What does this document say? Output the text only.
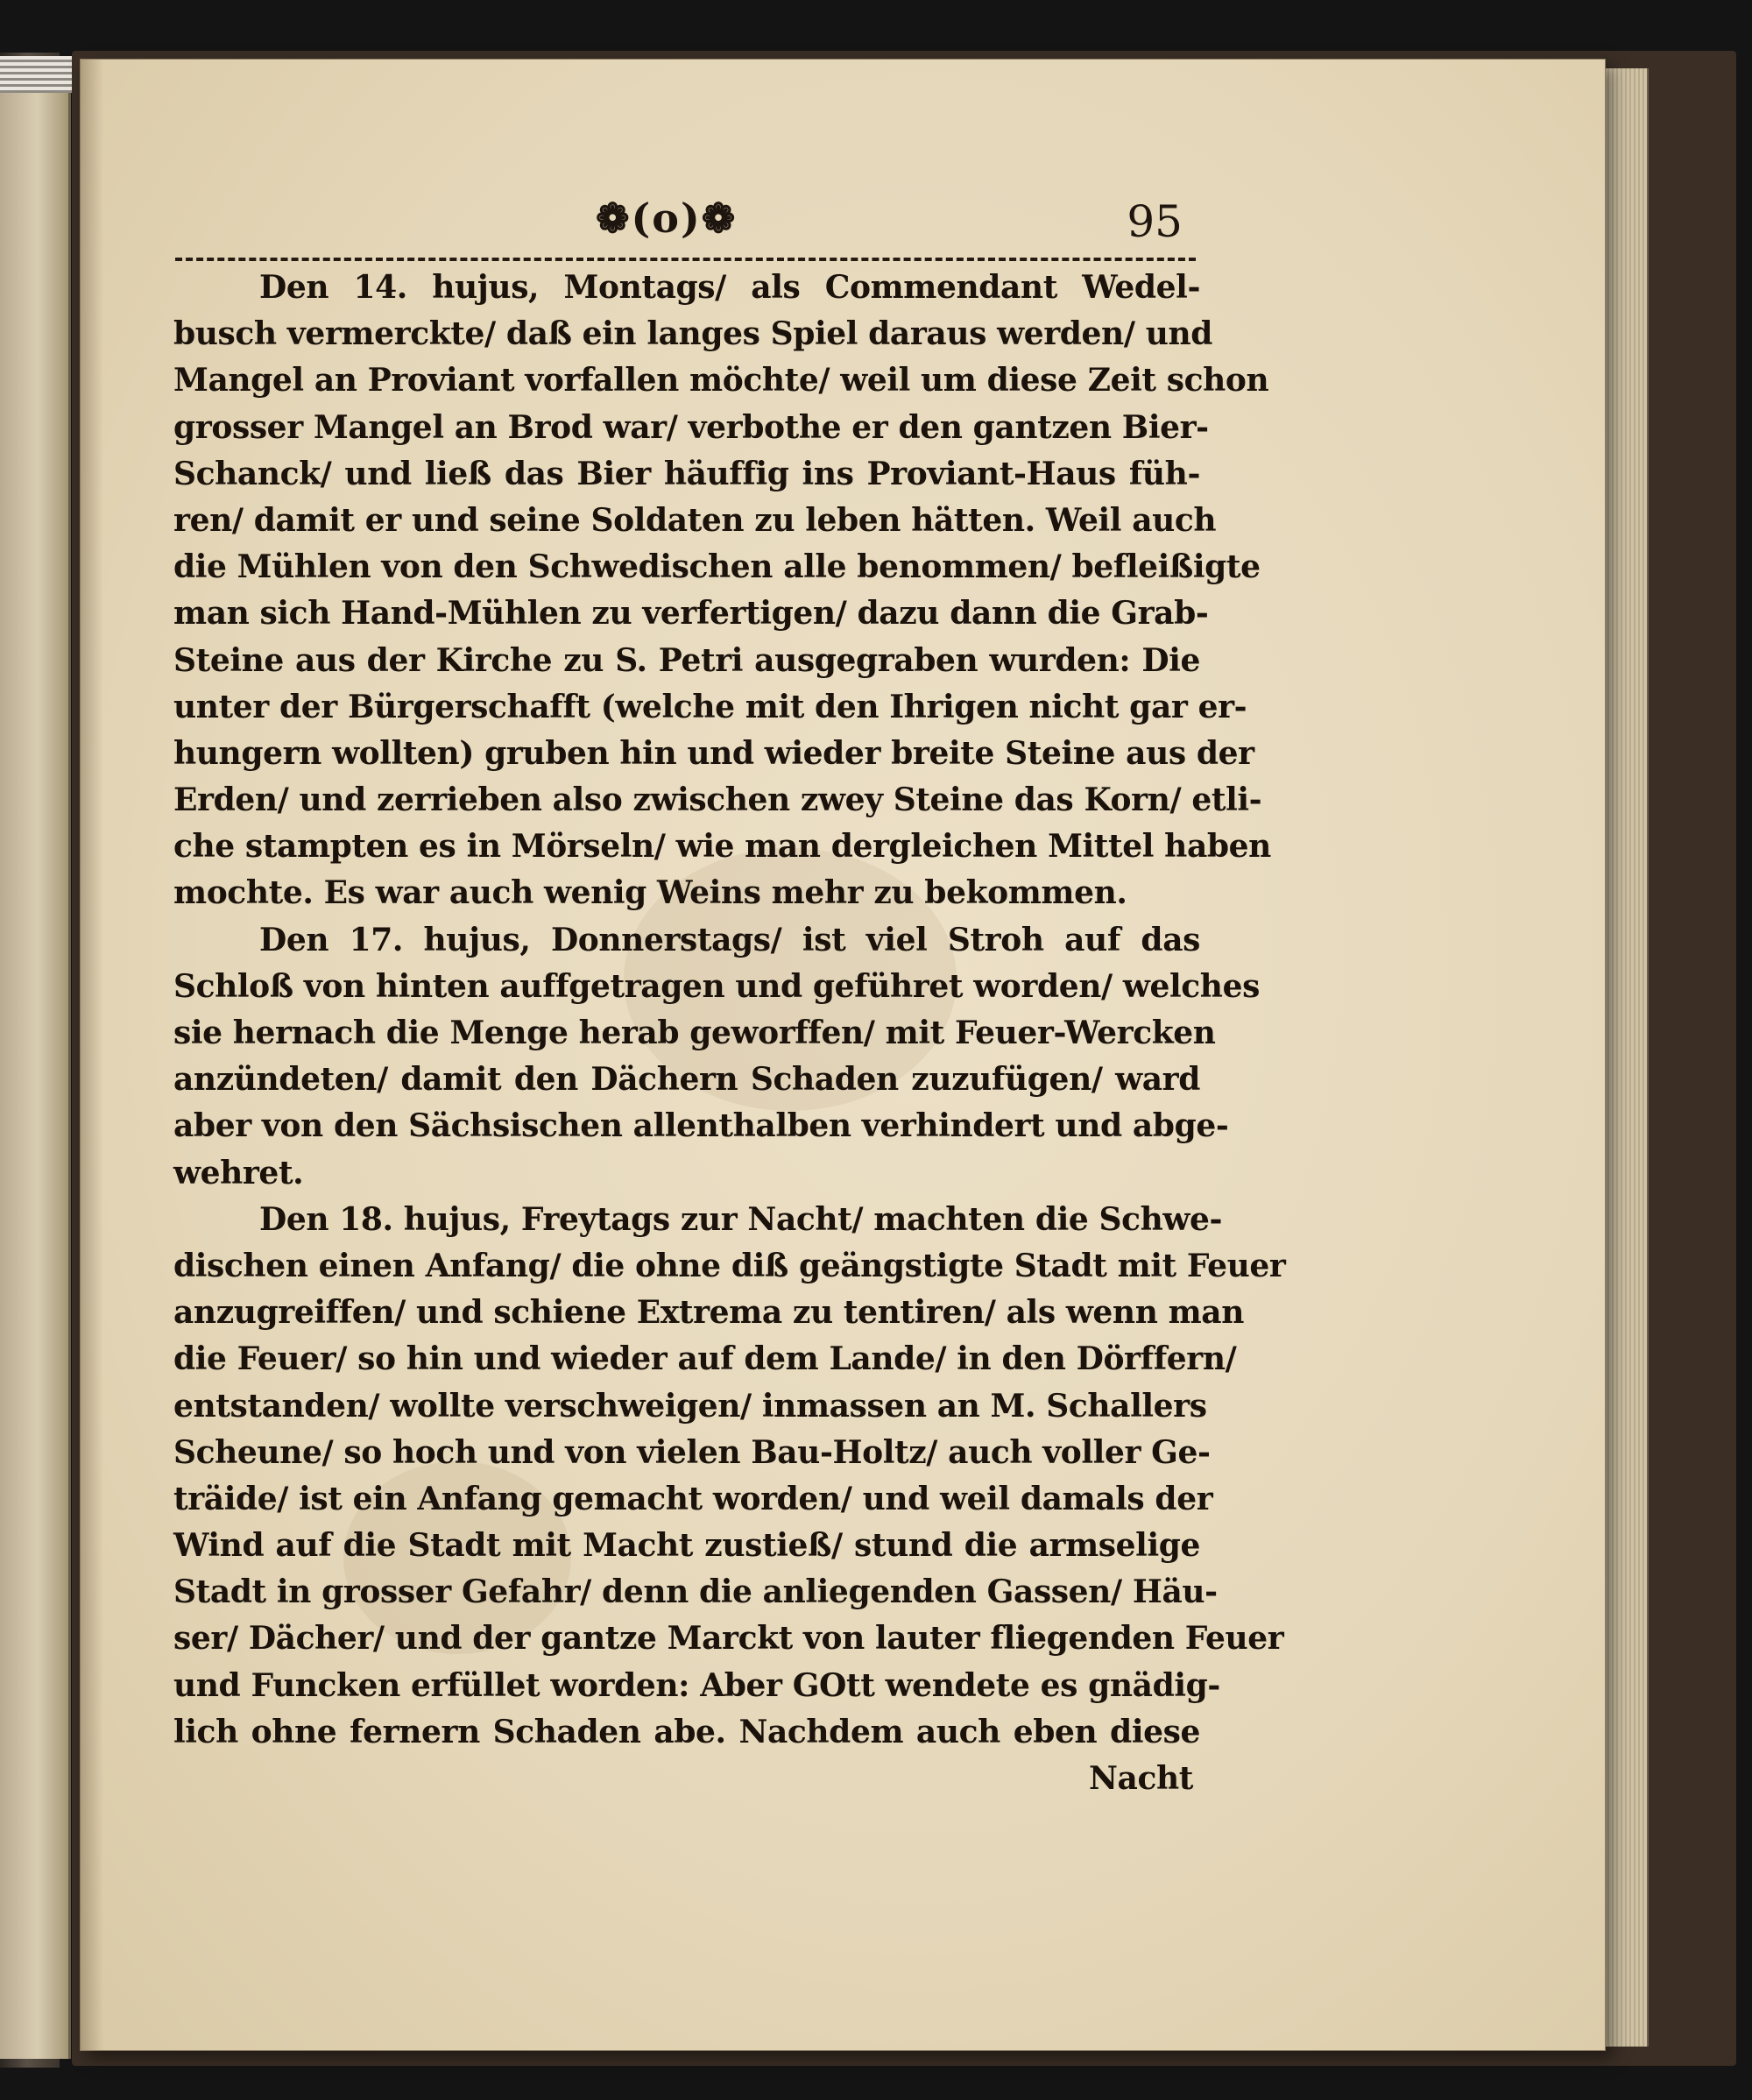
❁(o)❁	95
Den 14. hujus, Montags/ als Commendant Wedel-
busch vermerckte/ daß ein langes Spiel daraus werden/ und
Mangel an Proviant vorfallen möchte/ weil um diese Zeit schon
grosser Mangel an Brod war/ verbothe er den gantzen Bier-
Schanck/ und ließ das Bier häuffig ins Proviant-Haus füh-
ren/ damit er und seine Soldaten zu leben hätten. Weil auch
die Mühlen von den Schwedischen alle benommen/ befleißigte
man sich Hand-Mühlen zu verfertigen/ dazu dann die Grab-
Steine aus der Kirche zu S. Petri ausgegraben wurden: Die
unter der Bürgerschafft (welche mit den Ihrigen nicht gar er-
hungern wollten) gruben hin und wieder breite Steine aus der
Erden/ und zerrieben also zwischen zwey Steine das Korn/ etli-
che stampten es in Mörseln/ wie man dergleichen Mittel haben
mochte. Es war auch wenig Weins mehr zu bekommen.
Den 17. hujus, Donnerstags/ ist viel Stroh auf das
Schloß von hinten auffgetragen und geführet worden/ welches
sie hernach die Menge herab geworffen/ mit Feuer-Wercken
anzündeten/ damit den Dächern Schaden zuzufügen/ ward
aber von den Sächsischen allenthalben verhindert und abge-
wehret.
Den 18. hujus, Freytags zur Nacht/ machten die Schwe-
dischen einen Anfang/ die ohne diß geängstigte Stadt mit Feuer
anzugreiffen/ und schiene Extrema zu tentiren/ als wenn man
die Feuer/ so hin und wieder auf dem Lande/ in den Dörffern/
entstanden/ wollte verschweigen/ inmassen an M. Schallers
Scheune/ so hoch und von vielen Bau-Holtz/ auch voller Ge-
träide/ ist ein Anfang gemacht worden/ und weil damals der
Wind auf die Stadt mit Macht zustieß/ stund die armselige
Stadt in grosser Gefahr/ denn die anliegenden Gassen/ Häu-
ser/ Dächer/ und der gantze Marckt von lauter fliegenden Feuer
und Funcken erfüllet worden: Aber GOtt wendete es gnädig-
lich ohne fernern Schaden abe. Nachdem auch eben diese
Nacht
